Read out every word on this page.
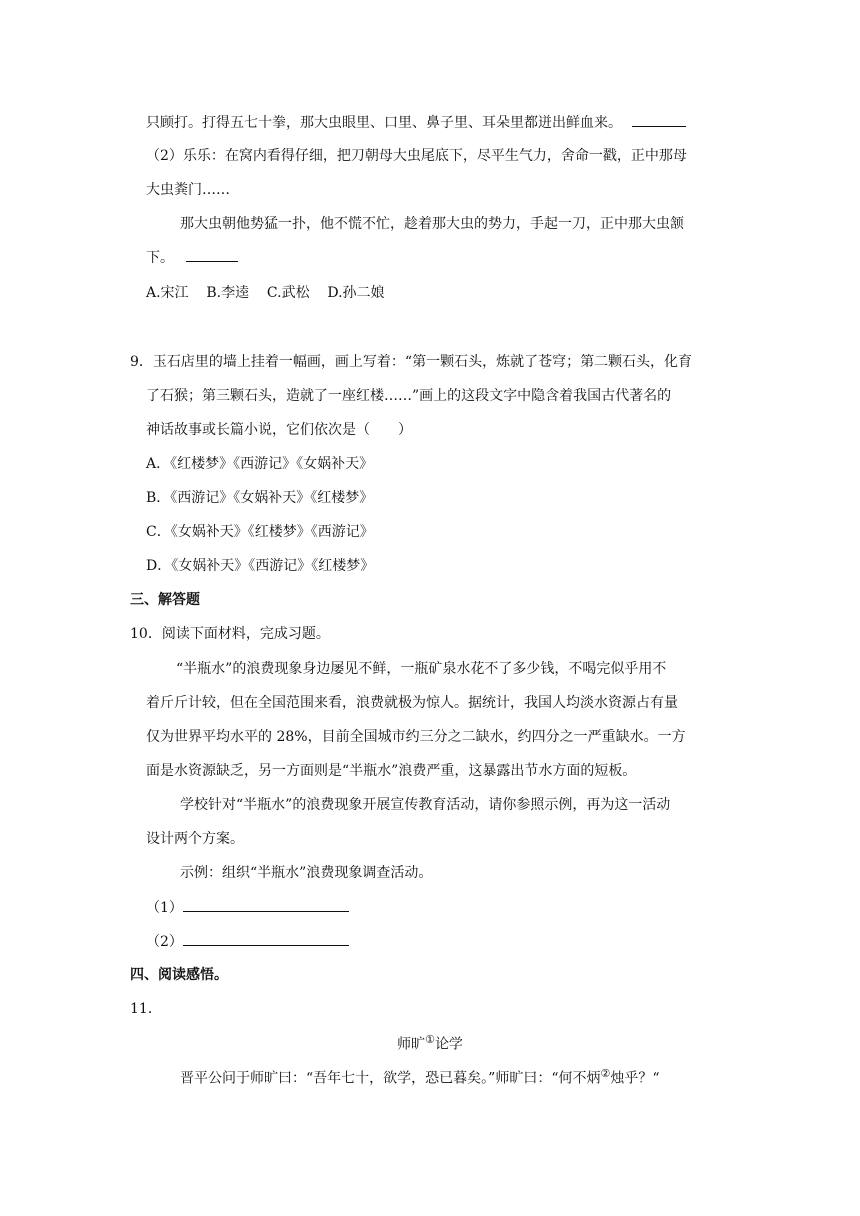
只顾打。打得五七十拳，那大虫眼里、口里、鼻子里、耳朵里都迸出鲜血来。
（2）乐乐：在窝内看得仔细，把刀朝母大虫尾底下，尽平生气力，舍命一戳，正中那母
大虫粪门……
那大虫朝他势猛一扑，他不慌不忙，趁着那大虫的势力，手起一刀，正中那大虫颔
下。
A.宋江    B.李逵    C.武松    D.孙二娘
9．玉石店里的墙上挂着一幅画，画上写着：“第一颗石头，炼就了苍穹；第二颗石头，化育
了石猴；第三颗石头，造就了一座红楼……”画上的这段文字中隐含着我国古代著名的
神话故事或长篇小说，它们依次是（　　）
A．《红楼梦》《西游记》《女娲补天》
B．《西游记》《女娲补天》《红楼梦》
C．《女娲补天》《红楼梦》《西游记》
D．《女娲补天》《西游记》《红楼梦》
三、解答题
10．阅读下面材料，完成习题。
“半瓶水”的浪费现象身边屡见不鲜，一瓶矿泉水花不了多少钱，不喝完似乎用不
着斤斤计较，但在全国范围来看，浪费就极为惊人。据统计，我国人均淡水资源占有量
仅为世界平均水平的 28%，目前全国城市约三分之二缺水，约四分之一严重缺水。一方
面是水资源缺乏，另一方面则是“半瓶水”浪费严重，这暴露出节水方面的短板。
学校针对“半瓶水”的浪费现象开展宣传教育活动，请你参照示例，再为这一活动
设计两个方案。
示例：组织“半瓶水”浪费现象调查活动。
（1）
（2）
四、阅读感悟。
11．
师旷①论学
晋平公问于师旷曰：“吾年七十，欲学，恐已暮矣。”师旷曰：“何不炳②烛乎？“
